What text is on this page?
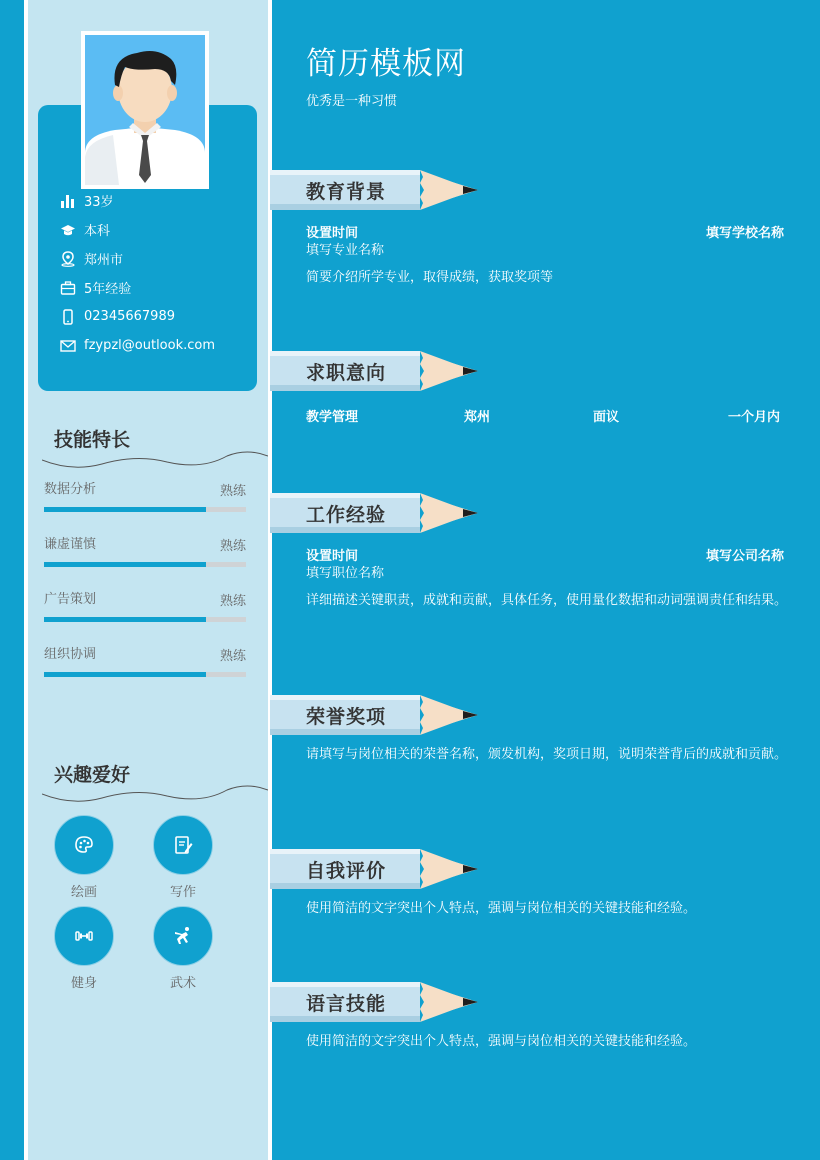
33岁
本科
郑州市
5年经验
02345667989
fzypzl@outlook.com
技能特长
数据分析	熟练
谦虚谨慎	熟练
广告策划	熟练
组织协调	熟练
兴趣爱好
绘画	写作
健身	武术
简历模板网
优秀是一种习惯
教育背景
设置时间	填写学校名称
填写专业名称
简要介绍所学专业，取得成绩，获取奖项等
求职意向
教学管理	郑州	面议	一个月内
工作经验
设置时间	填写公司名称
填写职位名称
详细描述关键职责，成就和贡献，具体任务，使用量化数据和动词强调责任和结果。
荣誉奖项
请填写与岗位相关的荣誉名称，颁发机构，奖项日期，说明荣誉背后的成就和贡献。
自我评价
使用简洁的文字突出个人特点，强调与岗位相关的关键技能和经验。
语言技能
使用简洁的文字突出个人特点，强调与岗位相关的关键技能和经验。
